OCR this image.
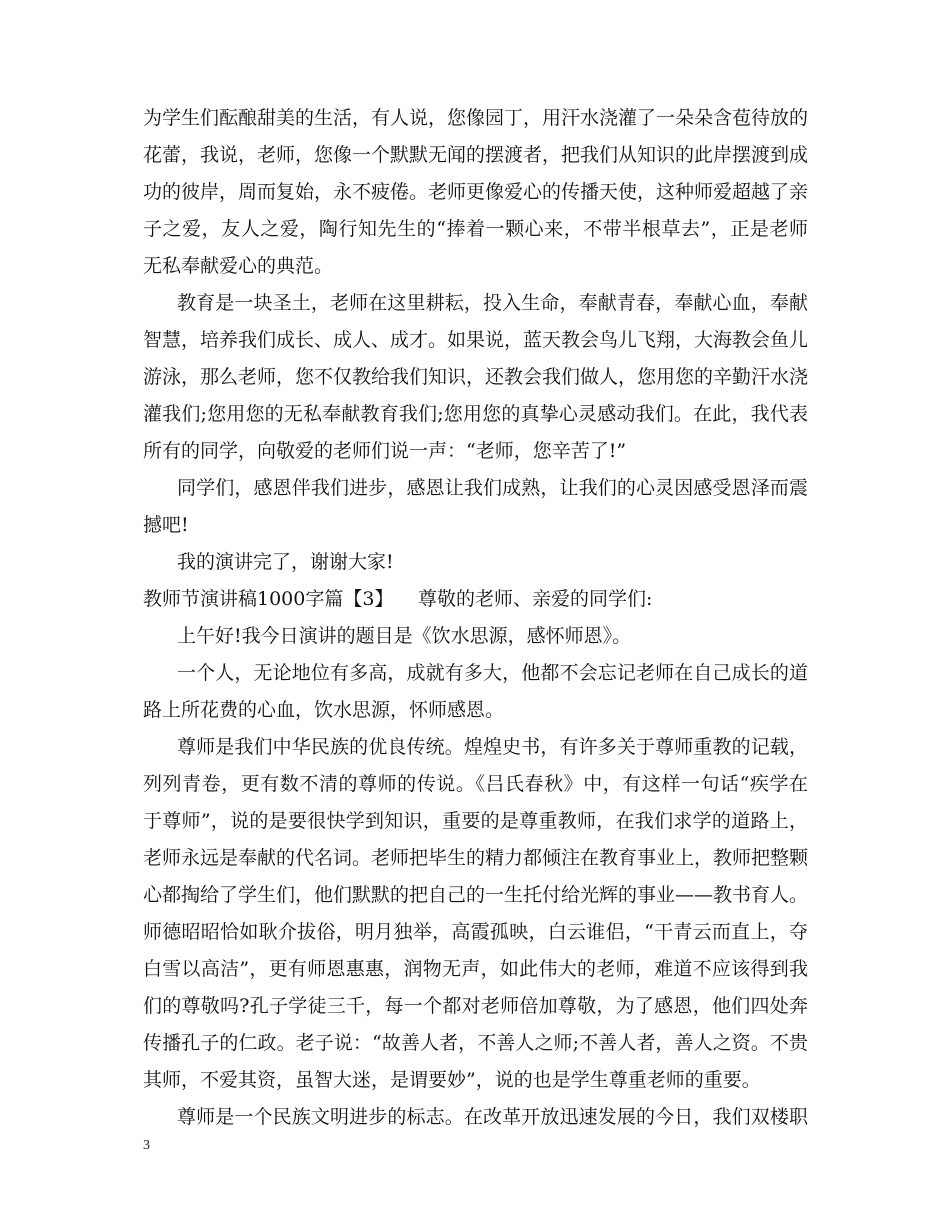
为学生们酝酿甜美的生活，有人说，您像园丁，用汗水浇灌了一朵朵含苞待放的
花蕾，我说，老师，您像一个默默无闻的摆渡者，把我们从知识的此岸摆渡到成
功的彼岸，周而复始，永不疲倦。老师更像爱心的传播天使，这种师爱超越了亲
子之爱，友人之爱，陶行知先生的“捧着一颗心来，不带半根草去”，正是老师
无私奉献爱心的典范。
教育是一块圣土，老师在这里耕耘，投入生命，奉献青春，奉献心血，奉献
智慧，培养我们成长、成人、成才。如果说，蓝天教会鸟儿飞翔，大海教会鱼儿
游泳，那么老师，您不仅教给我们知识，还教会我们做人，您用您的辛勤汗水浇
灌我们;您用您的无私奉献教育我们;您用您的真挚心灵感动我们。在此，我代表
所有的同学，向敬爱的老师们说一声：“老师，您辛苦了!”
同学们，感恩伴我们进步，感恩让我们成熟，让我们的心灵因感受恩泽而震
撼吧!
我的演讲完了，谢谢大家!
教师节演讲稿1000字篇【3】 尊敬的老师、亲爱的同学们:
上午好!我今日演讲的题目是《饮水思源，感怀师恩》。
一个人，无论地位有多高，成就有多大，他都不会忘记老师在自己成长的道
路上所花费的心血，饮水思源，怀师感恩。
尊师是我们中华民族的优良传统。煌煌史书，有许多关于尊师重教的记载，
列列青卷，更有数不清的尊师的传说。《吕氏春秋》中，有这样一句话“疾学在
于尊师”，说的是要很快学到知识，重要的是尊重教师，在我们求学的道路上，
老师永远是奉献的代名词。老师把毕生的精力都倾注在教育事业上，教师把整颗
心都掏给了学生们，他们默默的把自己的一生托付给光辉的事业——教书育人。
师德昭昭恰如耿介拔俗，明月独举，高霞孤映，白云谁侣，“干青云而直上，夺
白雪以高洁”，更有师恩惠惠，润物无声，如此伟大的老师，难道不应该得到我
们的尊敬吗?孔子学徒三千，每一个都对老师倍加尊敬，为了感恩，他们四处奔
传播孔子的仁政。老子说：“故善人者，不善人之师;不善人者，善人之资。不贵
其师，不爱其资，虽智大迷，是谓要妙”，说的也是学生尊重老师的重要。
尊师是一个民族文明进步的标志。在改革开放迅速发展的今日，我们双楼职
3
